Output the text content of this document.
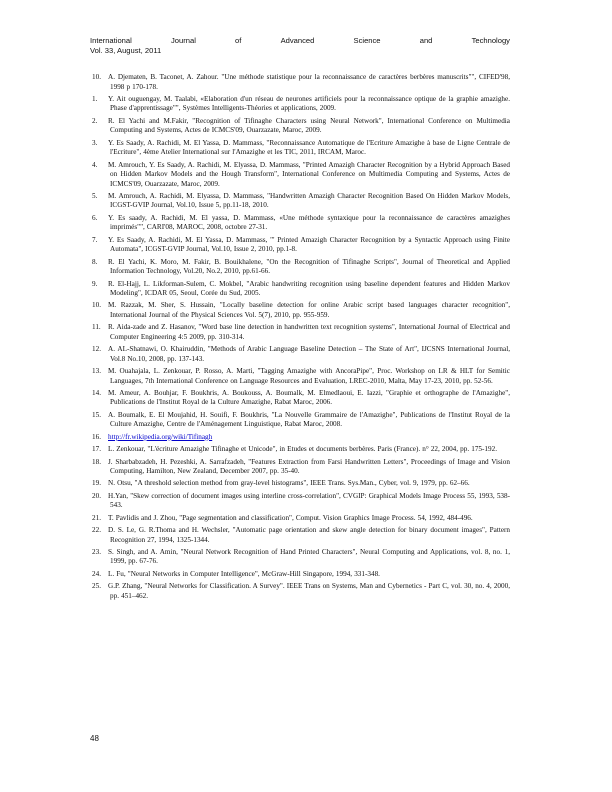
International	Journal	of	Advanced	Science	and	Technology
Vol. 33, August, 2011
10. A. Djematen, B. Taconet, A. Zahour. "Une méthode statistique pour la reconnaissance de caractères berbères manuscrits"", CIFED'98, 1998 p 170-178.
1. Y. Ait ouguengay, M. Taalabi, «Elaboration d'un réseau de neurones artificiels pour la reconnaissance optique de la graphie amazighe. Phase d'apprentissage"", Systèmes Intelligents-Théories et applications, 2009.
2. R. El Yachi and M.Fakir, "Recognition of Tifinaghe Characters using Neural Network", International Conference on Multimedia Computing and Systems, Actes de ICMCS'09, Ouarzazate, Maroc, 2009.
3. Y. Es Saady, A. Rachidi, M. El Yassa, D. Mammass, "Reconnaissance Automatique de l'Ecriture Amazighe à base de Ligne Centrale de l'Ecriture", 4ème Atelier International sur l'Amazighe et les TIC, 2011, IRCAM, Maroc.
4. M. Amrouch, Y. Es Saady, A. Rachidi, M. Elyassa, D. Mammass, "Printed Amazigh Character Recognition by a Hybrid Approach Based on Hidden Markov Models and the Hough Transform", International Conference on Multimedia Computing and Systems, Actes de ICMCS'09, Ouarzazate, Maroc, 2009.
5. M. Amrouch, A. Rachidi, M. Elyassa, D. Mammass, "Handwritten Amazigh Character Recognition Based On Hidden Markov Models, ICGST-GVIP Journal, Vol.10, Issue 5, pp.11-18, 2010.
6. Y. Es saady, A. Rachidi, M. El yassa, D. Mammass, «Une méthode syntaxique pour la reconnaissance de caractères amazighes imprimés"", CARI'08, MAROC, 2008, octobre 27-31.
7. Y. Es Saady, A. Rachidi, M. El Yassa, D. Mammass, "' Printed Amazigh Character Recognition by a Syntactic Approach using Finite Automata", ICGST-GVIP Journal, Vol.10, Issue 2, 2010, pp.1-8.
8. R. El Yachi, K. Moro, M. Fakir, B. Bouikhalene, "On the Recognition of Tifinaghe Scripts", Journal of Theoretical and Applied Information Technology, Vol.20, No.2, 2010, pp.61-66.
9. R. El-Hajj, L. Likforman-Sulem, C. Mokbel, "Arabic handwriting recognition using baseline dependent features and Hidden Markov Modeling", ICDAR 05, Seoul, Corée du Sud, 2005.
10. M. Razzak, M. Sher, S. Hussain, "Locally baseline detection for online Arabic script based languages character recognition", International Journal of the Physical Sciences Vol. 5(7), 2010, pp. 955-959.
11. R. Aida-zade and Z. Hasanov, "Word base line detection in handwritten text recognition systems", International Journal of Electrical and Computer Engineering 4:5 2009, pp. 310-314.
12. A. AL-Shatnawi, O. Khairuddin, "Methods of Arabic Language Baseline Detection – The State of Art", IJCSNS International Journal, Vol.8 No.10, 2008, pp. 137-143.
13. M. Ouahajala, L. Zenkouar, P. Rosso, A. Marti, "Tagging Amazighe with AncoraPipe", Proc. Workshop on LR & HLT for Semitic Languages, 7th International Conference on Language Resources and Evaluation, LREC-2010, Malta, May 17-23, 2010, pp. 52-56.
14. M. Ameur, A. Bouhjar, F. Boukhris, A. Boukouss, A. Boumalk, M. Elmedlaoui, E. Iazzi, "Graphie et orthographe de l'Amazighe", Publications de l'Institut Royal de la Culture Amazighe, Rabat Maroc, 2006.
15. A. Boumalk, E. El Moujahid, H. Souifi, F. Boukhris, "La Nouvelle Grammaire de l'Amazighe", Publications de l'Institut Royal de la Culture Amazighe, Centre de l'Aménagement Linguistique, Rabat Maroc, 2008.
16. http://fr.wikipedia.org/wiki/Tifinagh
17. L. Zenkouar, "L'écriture Amazighe Tifinaghe et Unicode", in Etudes et documents berbères. Paris (France). n° 22, 2004, pp. 175-192.
18. J. Sharbabzadeh, H. Pezeshki, A. Sarrafzadeh, "Features Extraction from Farsi Handwritten Letters", Proceedings of Image and Vision Computing, Hamilton, New Zealand, December 2007, pp. 35-40.
19. N. Otsu, "A threshold selection method from gray-level histograms", IEEE Trans. Sys.Man., Cyber, vol. 9, 1979, pp. 62–66.
20. H.Yan, "Skew correction of document images using interline cross-correlation", CVGIP: Graphical Models Image Process 55, 1993, 538-543.
21. T. Pavlidis and J. Zhou, "Page segmentation and classification", Comput. Vision Graphics Image Process. 54, 1992, 484-496.
22. D. S. Le, G. R.Thoma and H. Wechsler, "Automatic page orientation and skew angle detection for binary document images", Pattern Recognition 27, 1994, 1325-1344.
23. S. Singh, and A. Amin, "Neural Network Recognition of Hand Printed Characters", Neural Computing and Applications, vol. 8, no. 1, 1999, pp. 67-76.
24. L. Fu, "Neural Networks in Computer Intelligence", McGraw-Hill Singapore, 1994, 331-348.
25. G.P. Zhang, "Neural Networks for Classification. A Survey". IEEE Trans on Systems, Man and Cybernetics - Part C, vol. 30, no. 4, 2000, pp. 451–462.
48
